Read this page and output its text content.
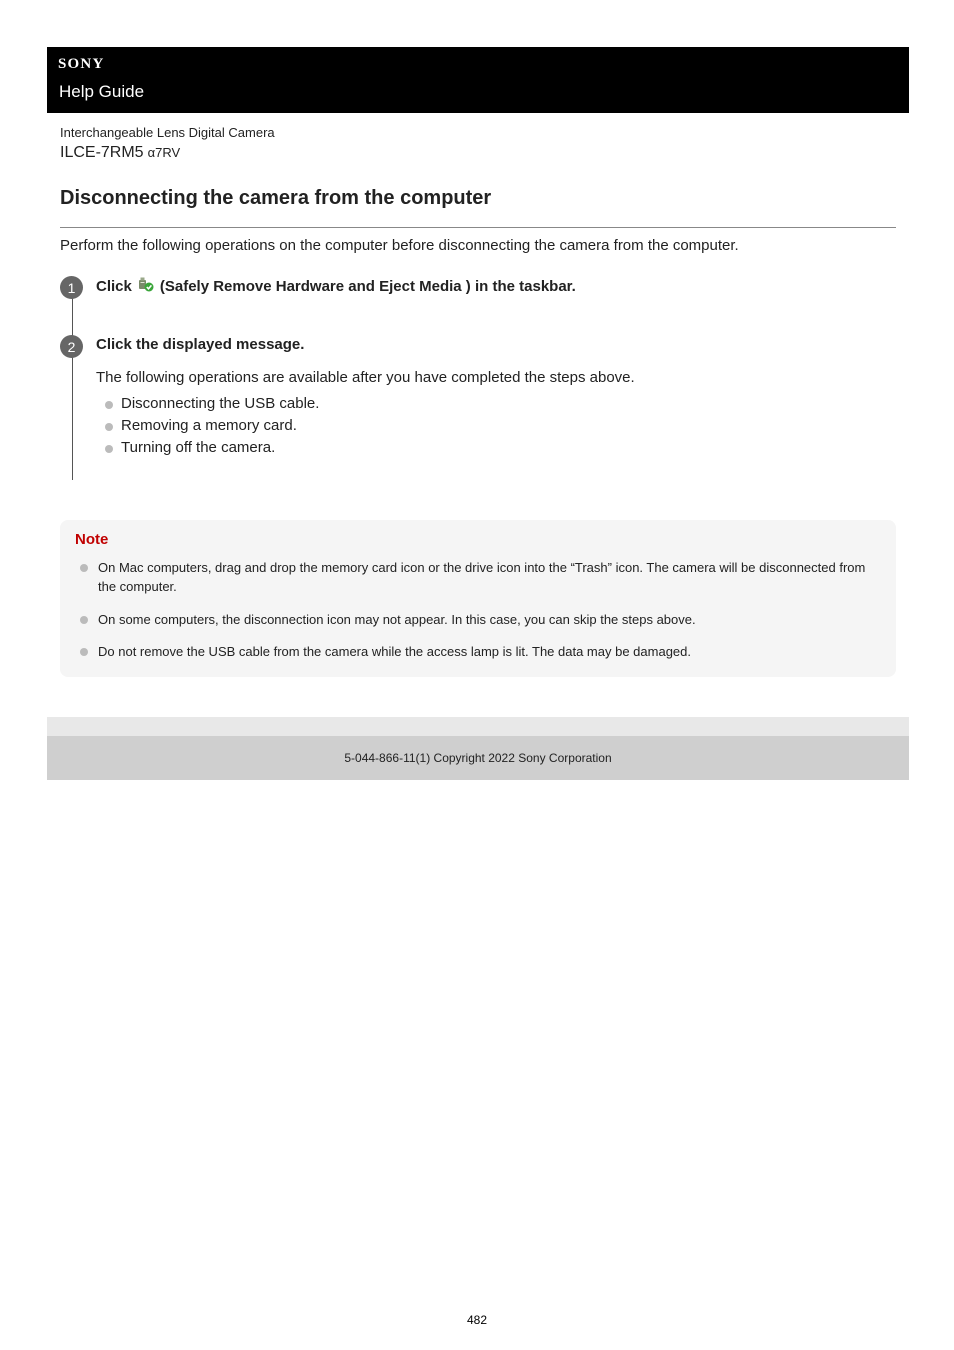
SONY
Help Guide
Interchangeable Lens Digital Camera
ILCE-7RM5 α7RV
Disconnecting the camera from the computer
Perform the following operations on the computer before disconnecting the camera from the computer.
1	Click (Safely Remove Hardware and Eject Media ) in the taskbar.
2	Click the displayed message.
The following operations are available after you have completed the steps above.
Disconnecting the USB cable.
Removing a memory card.
Turning off the camera.
Note
On Mac computers, drag and drop the memory card icon or the drive icon into the “Trash” icon. The camera will be disconnected from the computer.
On some computers, the disconnection icon may not appear. In this case, you can skip the steps above.
Do not remove the USB cable from the camera while the access lamp is lit. The data may be damaged.
5-044-866-11(1) Copyright 2022 Sony Corporation
482
